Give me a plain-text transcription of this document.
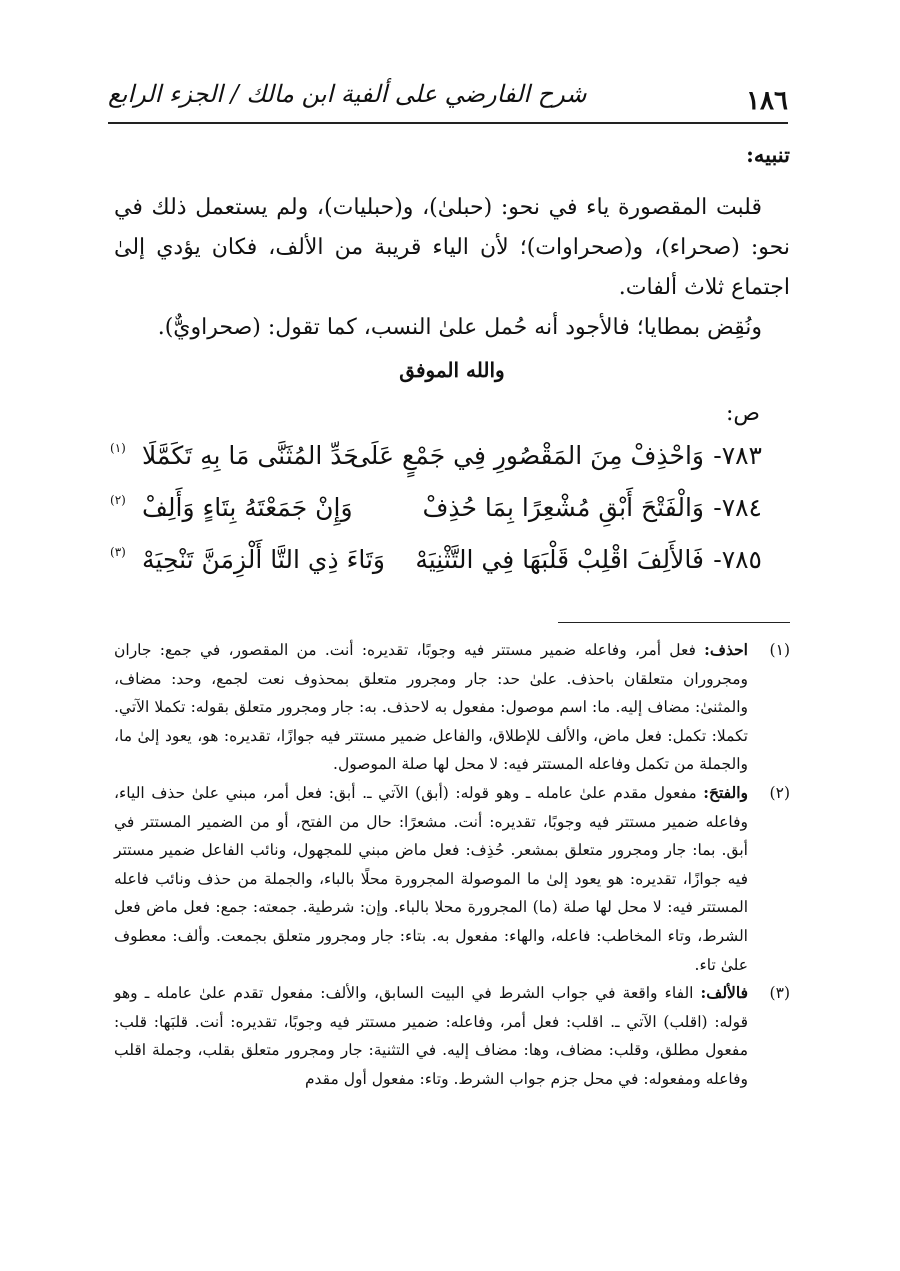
١٨٦
شرح الفارضي على ألفية ابن مالك / الجزء الرابع

تنبيه:

قلبت المقصورة ياء في نحو: (حبلىٰ)، و(حبليات)، ولم يستعمل ذلك في نحو: (صحراء)، و(صحراوات)؛ لأن الياء قريبة من الألف، فكان يؤدي إلىٰ اجتماع ثلاث ألفات.

ونُقِض بمطايا؛ فالأجود أنه حُمل علىٰ النسب، كما تقول: (صحراويٌّ).

والله الموفق
ص:
٧٨٣-
وَاحْذِفْ مِنَ المَقْصُورِ فِي جَمْعٍ عَلَى
حَدِّ المُثَنَّى مَا بِهِ تَكَمَّلَا
(١)
٧٨٤-
وَالْفَتْحَ أَبْقِ مُشْعِرًا بِمَا حُذِفْ
وَإِنْ جَمَعْتَهُ بِتَاءٍ وَأَلِفْ
(٢)
٧٨٥-
فَالأَلِفَ اقْلِبْ قَلْبَهَا فِي التَّثْنِيَهْ
وَتَاءَ ذِي التَّا أَلْزِمَنَّ تَنْحِيَهْ
(٣)
(١)
احذف: فعل أمر، وفاعله ضمير مستتر فيه وجوبًا، تقديره: أنت. من المقصور، في جمع: جاران ومجروران متعلقان باحذف. علىٰ حد: جار ومجرور متعلق بمحذوف نعت لجمع، وحد: مضاف، والمثنىٰ: مضاف إليه. ما: اسم موصول: مفعول به لاحذف. به: جار ومجرور متعلق بقوله: تكملا الآتي. تكملا: تكمل: فعل ماض، والألف للإطلاق، والفاعل ضمير مستتر فيه جوازًا، تقديره: هو، يعود إلىٰ ما، والجملة من تكمل وفاعله المستتر فيه: لا محل لها صلة الموصول.
(٢)
والفتحَ: مفعول مقدم علىٰ عامله ـ وهو قوله: (أبق) الآتي ـ. أبق: فعل أمر، مبني علىٰ حذف الياء، وفاعله ضمير مستتر فيه وجوبًا، تقديره: أنت. مشعرًا: حال من الفتح، أو من الضمير المستتر في أبق. بما: جار ومجرور متعلق بمشعر. حُذِف: فعل ماض مبني للمجهول، ونائب الفاعل ضمير مستتر فيه جوازًا، تقديره: هو يعود إلىٰ ما الموصولة المجرورة محلًا بالباء، والجملة من حذف ونائب فاعله المستتر فيه: لا محل لها صلة (ما) المجرورة محلا بالباء. وإن: شرطية. جمعته: جمع: فعل ماض فعل الشرط، وتاء المخاطب: فاعله، والهاء: مفعول به. بتاء: جار ومجرور متعلق بجمعت. وألف: معطوف علىٰ تاء.
(٣)
فالألف: الفاء واقعة في جواب الشرط في البيت السابق، والألف: مفعول تقدم علىٰ عامله ـ وهو قوله: (اقلب) الآتي ـ. اقلب: فعل أمر، وفاعله: ضمير مستتر فيه وجوبًا، تقديره: أنت. قلبَها: قلب: مفعول مطلق، وقلب: مضاف، وها: مضاف إليه. في التثنية: جار ومجرور متعلق بقلب، وجملة اقلب وفاعله ومفعوله: في محل جزم جواب الشرط. وتاء: مفعول أول مقدم
